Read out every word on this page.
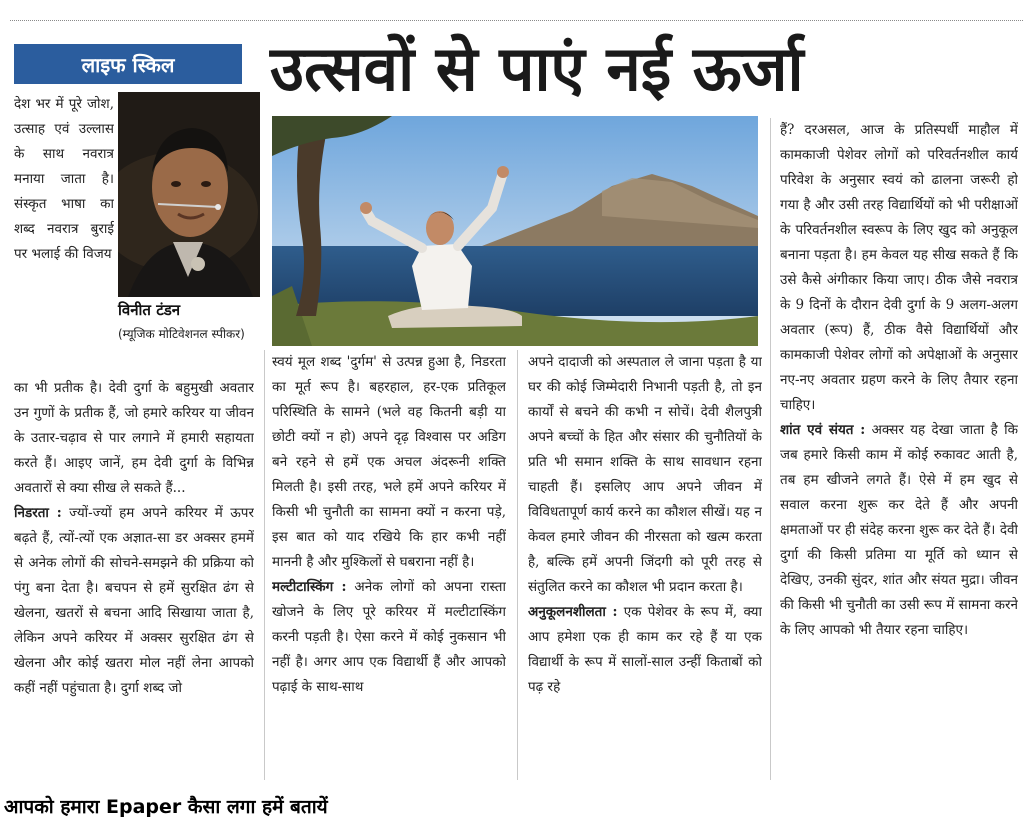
लाइफ स्किल	उत्सवों से पाएं नई ऊर्जा

देश भर में पूरे जोश, उत्साह एवं उल्लास के साथ नवरात्र मनाया जाता है। संस्कृत भाषा का शब्द नवरात्र बुराई पर भलाई की विजय

विनीत टंडन
(म्यूजिक मोटिवेशनल स्पीकर)

का भी प्रतीक है। देवी दुर्गा के बहुमुखी अवतार उन गुणों के प्रतीक हैं, जो हमारे करियर या जीवन के उतार-चढ़ाव से पार लगाने में हमारी सहायता करते हैं। आइए जानें, हम देवी दुर्गा के विभिन्न अवतारों से क्या सीख ले सकते हैं...

निडरता : ज्यों-ज्यों हम अपने करियर में ऊपर बढ़ते हैं, त्यों-त्यों एक अज्ञात-सा डर अक्सर हममें से अनेक लोगों की सोचने-समझने की प्रक्रिया को पंगु बना देता है। बचपन से हमें सुरक्षित ढंग से खेलना, खतरों से बचना आदि सिखाया जाता है, लेकिन अपने करियर में अक्सर सुरक्षित ढंग से खेलना और कोई खतरा मोल नहीं लेना आपको कहीं नहीं पहुंचाता है। दुर्गा शब्द जो

स्वयं मूल शब्द 'दुर्गम' से उत्पन्न हुआ है, निडरता का मूर्त रूप है। बहरहाल, हर-एक प्रतिकूल परिस्थिति के सामने (भले वह कितनी बड़ी या छोटी क्यों न हो) अपने दृढ़ विश्वास पर अडिग बने रहने से हमें एक अचल अंदरूनी शक्ति मिलती है। इसी तरह, भले हमें अपने करियर में किसी भी चुनौती का सामना क्यों न करना पड़े, इस बात को याद रखिये कि हार कभी नहीं माननी है और मुश्किलों से घबराना नहीं है।

मल्टीटास्किंग : अनेक लोगों को अपना रास्ता खोजने के लिए पूरे करियर में मल्टीटास्किंग करनी पड़ती है। ऐसा करने में कोई नुकसान भी नहीं है। अगर आप एक विद्यार्थी हैं और आपको पढ़ाई के साथ-साथ

अपने दादाजी को अस्पताल ले जाना पड़ता है या घर की कोई जिम्मेदारी निभानी पड़ती है, तो इन कार्यों से बचने की कभी न सोचें। देवी शैलपुत्री अपने बच्चों के हित और संसार की चुनौतियों के प्रति भी समान शक्ति के साथ सावधान रहना चाहती हैं। इसलिए आप अपने जीवन में विविधतापूर्ण कार्य करने का कौशल सीखें। यह न केवल हमारे जीवन की नीरसता को खत्म करता है, बल्कि हमें अपनी जिंदगी को पूरी तरह से संतुलित करने का कौशल भी प्रदान करता है।

अनुकूलनशीलता : एक पेशेवर के रूप में, क्या आप हमेशा एक ही काम कर रहे हैं या एक विद्यार्थी के रूप में सालों-साल उन्हीं किताबों को पढ़ रहे

हैं? दरअसल, आज के प्रतिस्पर्धी माहौल में कामकाजी पेशेवर लोगों को परिवर्तनशील कार्य परिवेश के अनुसार स्वयं को ढालना जरूरी हो गया है और उसी तरह विद्यार्थियों को भी परीक्षाओं के परिवर्तनशील स्वरूप के लिए खुद को अनुकूल बनाना पड़ता है। हम केवल यह सीख सकते हैं कि उसे कैसे अंगीकार किया जाए। ठीक जैसे नवरात्र के 9 दिनों के दौरान देवी दुर्गा के 9 अलग-अलग अवतार (रूप) हैं, ठीक वैसे विद्यार्थियों और कामकाजी पेशेवर लोगों को अपेक्षाओं के अनुसार नए-नए अवतार ग्रहण करने के लिए तैयार रहना चाहिए।

शांत एवं संयत : अक्सर यह देखा जाता है कि जब हमारे किसी काम में कोई रुकावट आती है, तब हम खीजने लगते हैं। ऐसे में हम खुद से सवाल करना शुरू कर देते हैं और अपनी क्षमताओं पर ही संदेह करना शुरू कर देते हैं। देवी दुर्गा की किसी प्रतिमा या मूर्ति को ध्यान से देखिए, उनकी सुंदर, शांत और संयत मुद्रा। जीवन की किसी भी चुनौती का उसी रूप में सामना करने के लिए आपको भी तैयार रहना चाहिए।

आपको हमारा Epaper कैसा लगा हमें बतायें
